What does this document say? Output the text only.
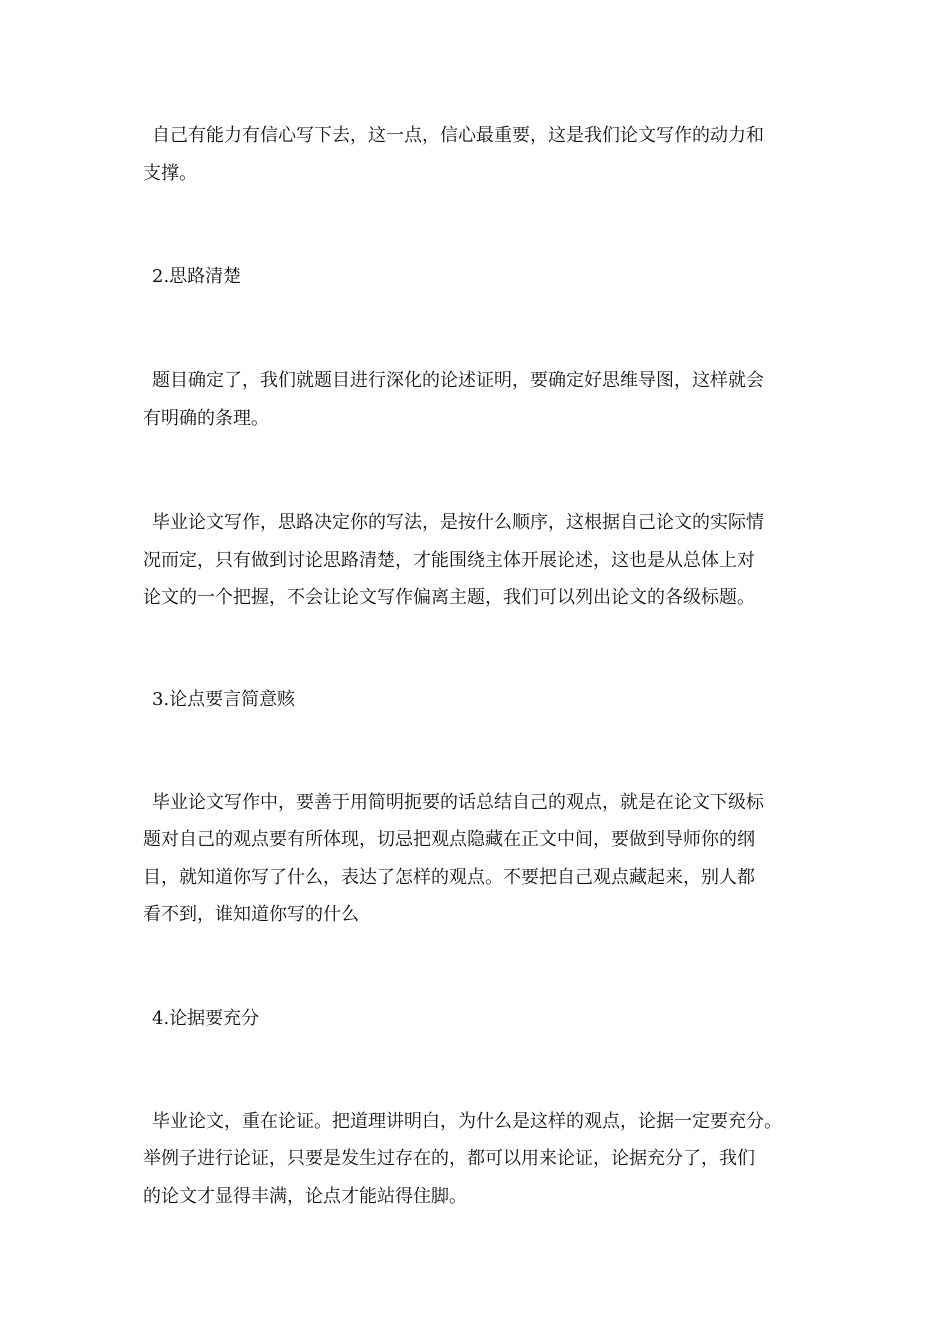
自己有能力有信心写下去，这一点，信心最重要，这是我们论文写作的动力和
支撑。
2.思路清楚
题目确定了，我们就题目进行深化的论述证明，要确定好思维导图，这样就会
有明确的条理。
毕业论文写作，思路决定你的写法，是按什么顺序，这根据自己论文的实际情
况而定，只有做到讨论思路清楚，才能围绕主体开展论述，这也是从总体上对
论文的一个把握，不会让论文写作偏离主题，我们可以列出论文的各级标题。
3.论点要言简意赅
毕业论文写作中，要善于用简明扼要的话总结自己的观点，就是在论文下级标
题对自己的观点要有所体现，切忌把观点隐藏在正文中间，要做到导师你的纲
目，就知道你写了什么，表达了怎样的观点。不要把自己观点藏起来，别人都
看不到，谁知道你写的什么
4.论据要充分
毕业论文，重在论证。把道理讲明白，为什么是这样的观点，论据一定要充分。
举例子进行论证，只要是发生过存在的，都可以用来论证，论据充分了，我们
的论文才显得丰满，论点才能站得住脚。
